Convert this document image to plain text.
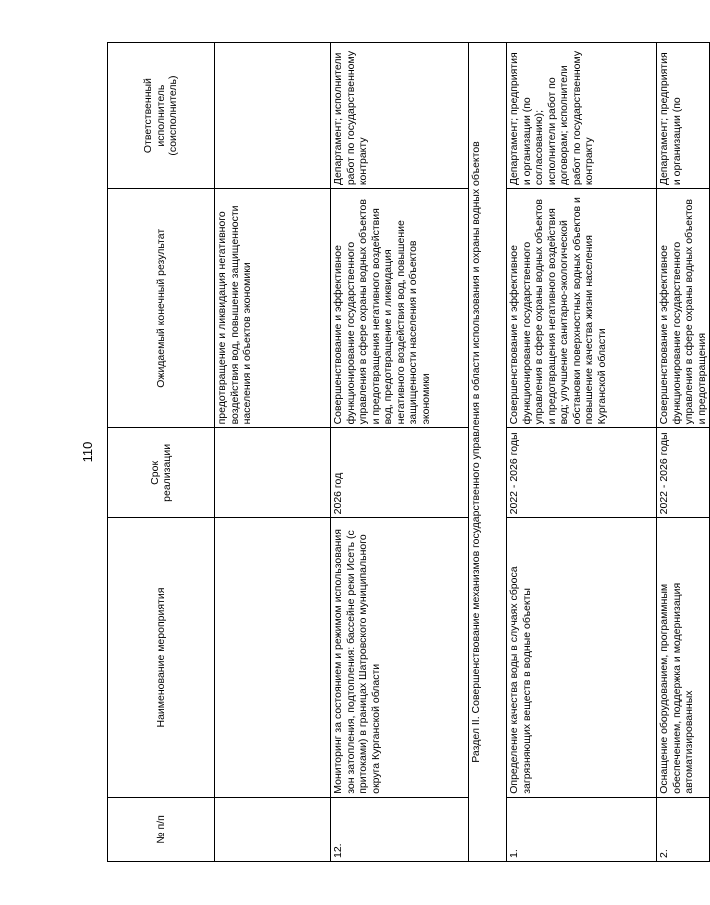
110
№ п/п	Наименование мероприятия	Срок реализации	Ожидаемый конечный результат	Ответственный исполнитель (соисполнитель)
			предотвращение и ликвидация негативного воздействия вод, повышение защищенности населения и объектов экономики	
12.	Мониторинг за состоянием и режимом использования зон затопления, подтопления: бассейне реки Исеть (с притоками) в границах Шатровского муниципального округа Курганской области	2026 год	Совершенствование и эффективное функционирование государственного управления в сфере охраны водных объектов и предотвращения негативного воздействия вод, предотвращение и ликвидация негативного воздействия вод, повышение защищенности населения и объектов экономики	Департамент; исполнители работ по государственному контракту
Раздел II. Совершенствование механизмов государственного управления в области использования и охраны водных объектов				
1.	Определение качества воды в случаях сброса загрязняющих веществ в водные объекты	2022 - 2026 годы	Совершенствование и эффективное функционирование государственного управления в сфере охраны водных объектов и предотвращения негативного воздействия вод; улучшение санитарно-экологической обстановки поверхностных водных объектов и повышение качества жизни населения Курганской области	Департамент; предприятия и организации (по согласованию); исполнители работ по договорам; исполнители работ по государственному контракту
2.	Оснащение оборудованием, программным обеспечением, поддержка и модернизация автоматизированных	2022 - 2026 годы	Совершенствование и эффективное функционирование государственного управления в сфере охраны водных объектов и предотвращения	Департамент; предприятия и организации (по
